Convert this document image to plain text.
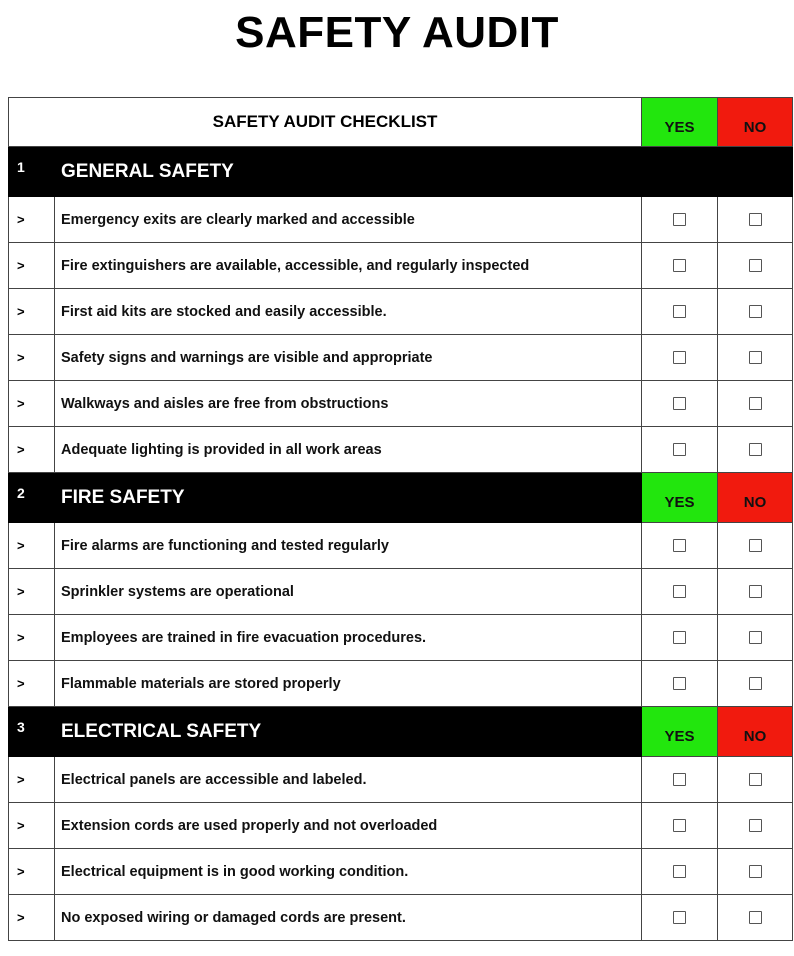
SAFETY AUDIT
SAFETY AUDIT CHECKLIST		YES	NO
1	GENERAL SAFETY		
>	Emergency exits are clearly marked and accessible		
>	Fire extinguishers are available, accessible, and regularly inspected		
>	First aid kits are stocked and easily accessible.		
>	Safety signs and warnings are visible and appropriate		
>	Walkways and aisles are free from obstructions		
>	Adequate lighting is provided in all work areas		
2	FIRE SAFETY	YES	NO
>	Fire alarms are functioning and tested regularly		
>	Sprinkler systems are operational		
>	Employees are trained in fire evacuation procedures.		
>	Flammable materials are stored properly		
3	ELECTRICAL SAFETY	YES	NO
>	Electrical panels are accessible and labeled.		
>	Extension cords are used properly and not overloaded		
>	Electrical equipment is in good working condition.		
>	No exposed wiring or damaged cords are present.		
